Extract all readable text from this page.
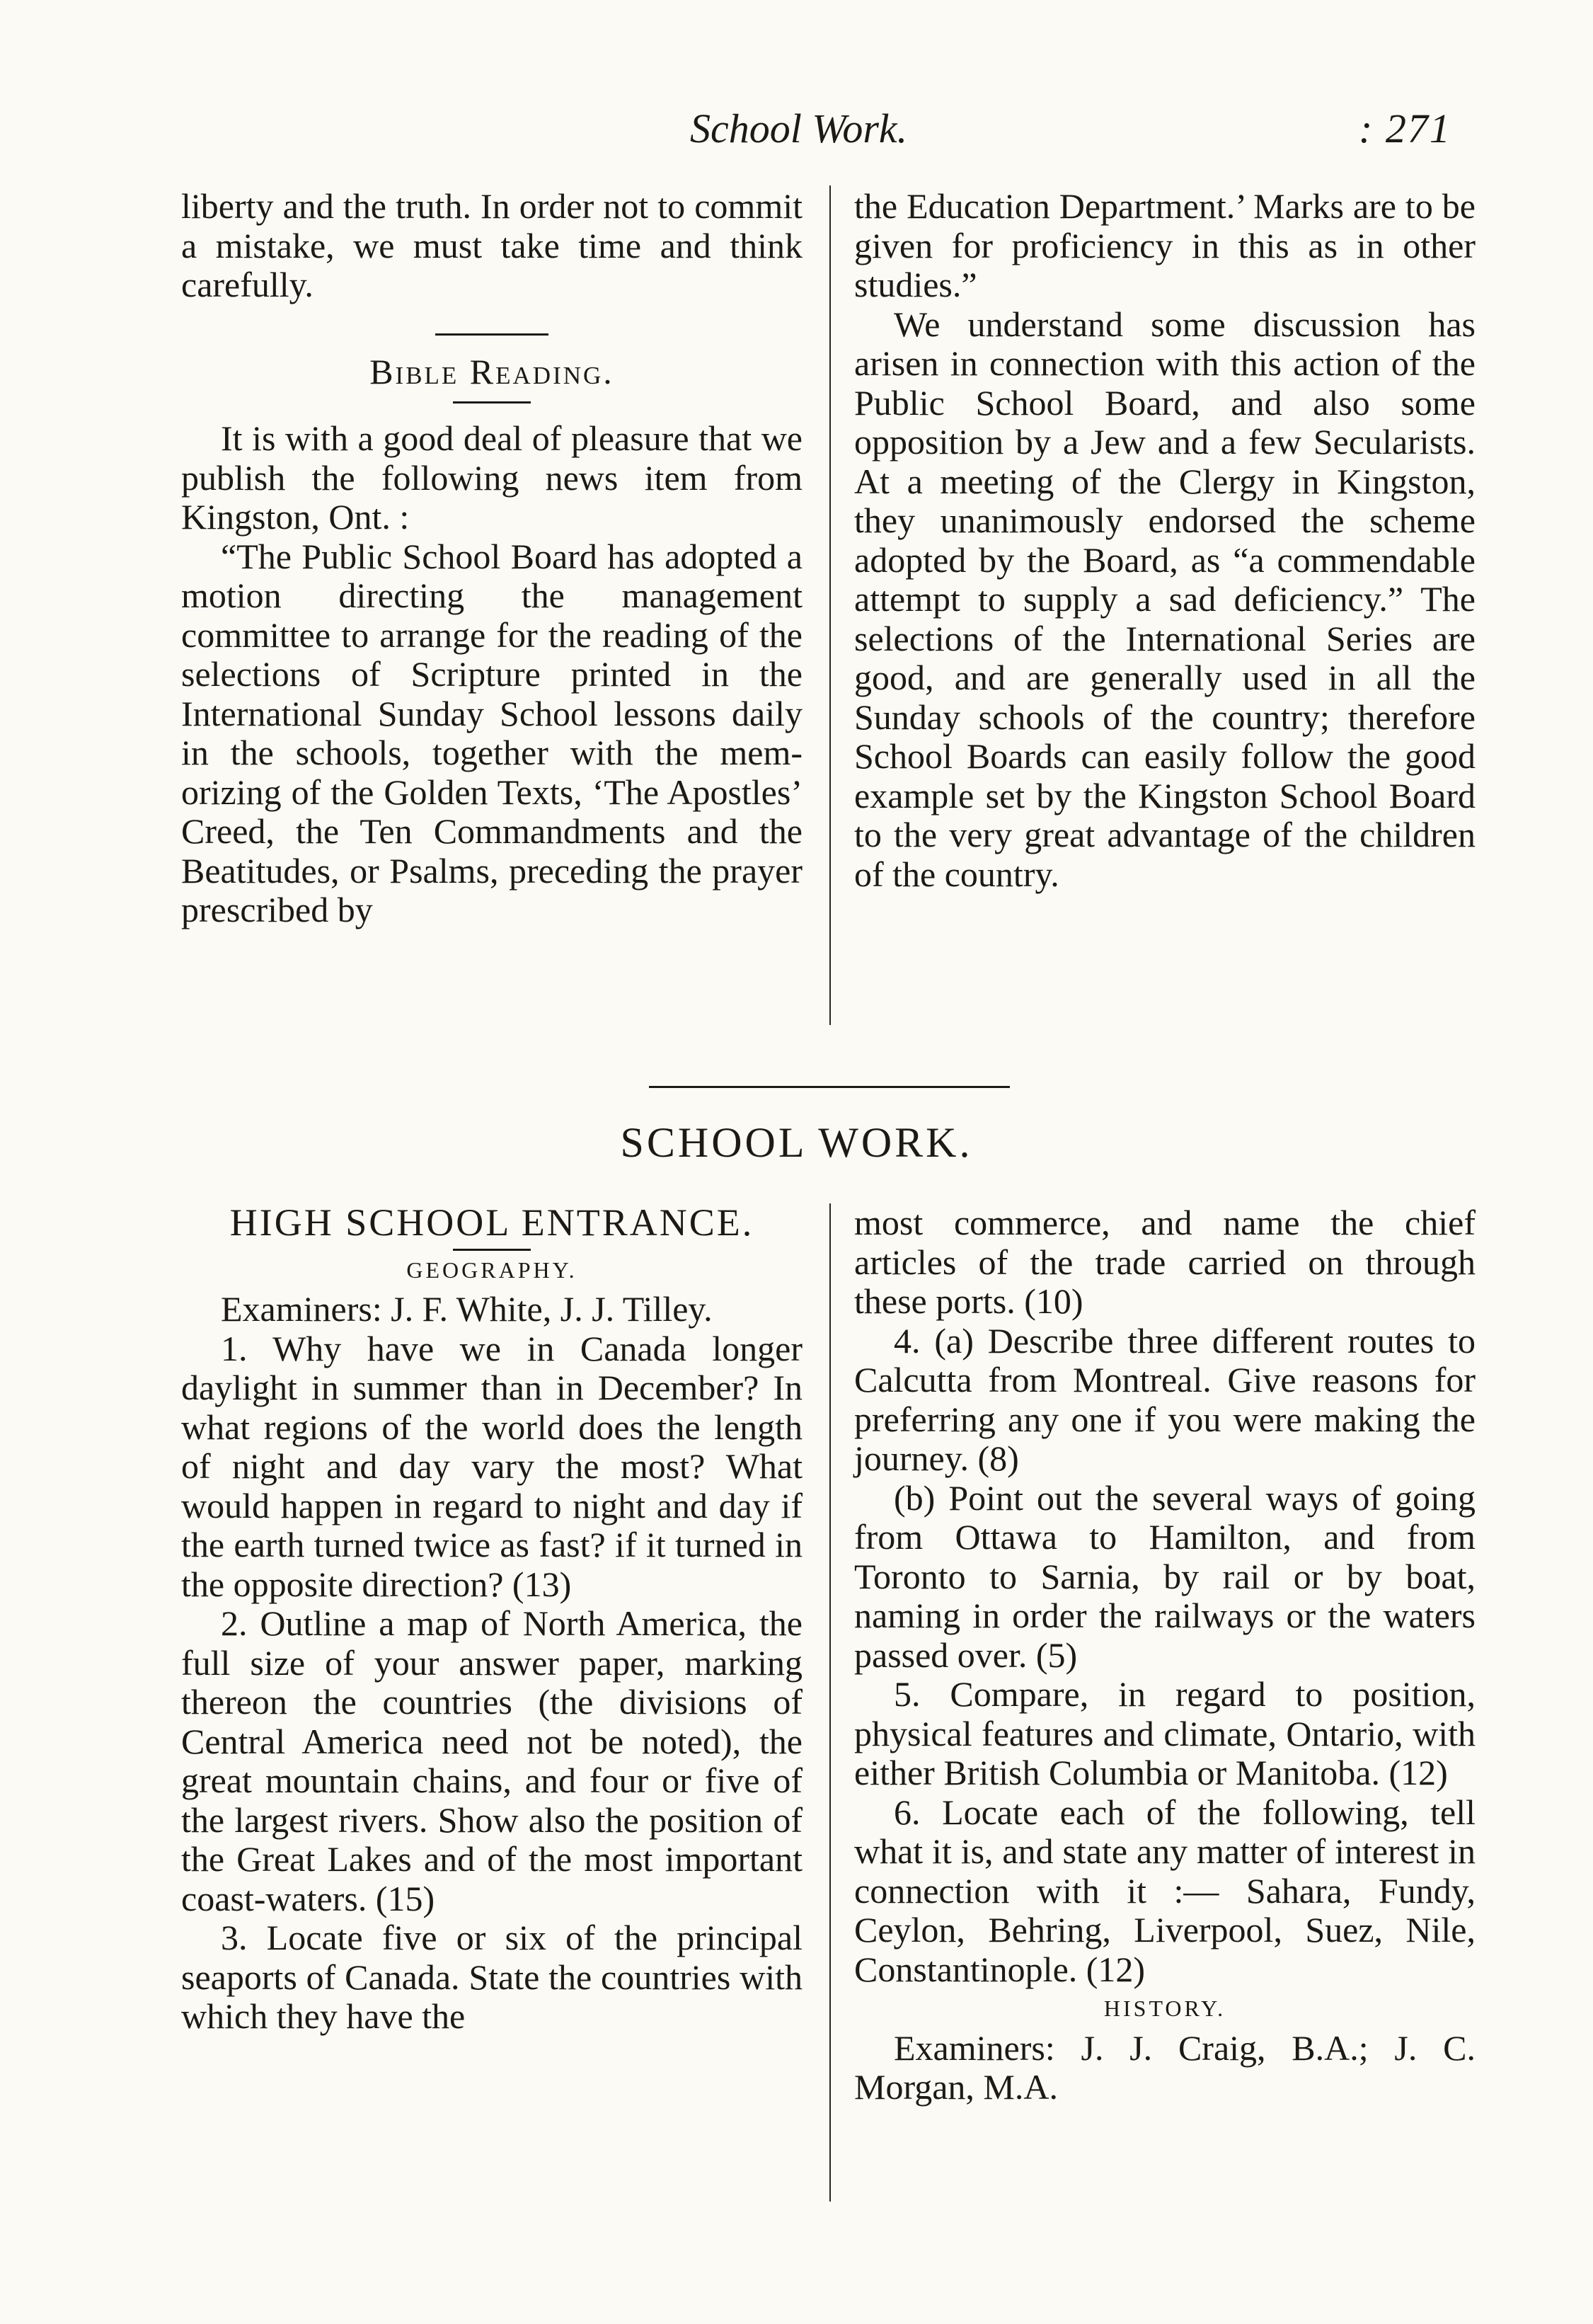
School Work.	: 271

liberty and the truth. In order not to commit a mistake, we must take time and think carefully.

Bible Reading.

It is with a good deal of pleasure that we publish the following news item from Kingston, Ont. :

“The Public School Board has adopted a motion directing the management committee to arrange for the reading of the selections of Scripture printed in the International Sunday School lessons daily in the schools, together with the memorizing of the Golden Texts, ‘The Apostles’ Creed, the Ten Commandments and the Beatitudes, or Psalms, preceding the prayer prescribed by

the Education Department.’ Marks are to be given for proficiency in this as in other studies.”

We understand some discussion has arisen in connection with this action of the Public School Board, and also some opposition by a Jew and a few Secularists. At a meeting of the Clergy in Kingston, they unanimously endorsed the scheme adopted by the Board, as “a commendable attempt to supply a sad deficiency.” The selections of the International Series are good, and are generally used in all the Sunday schools of the country; therefore School Boards can easily follow the good example set by the Kingston School Board to the very great advantage of the children of the country.

SCHOOL WORK.

HIGH SCHOOL ENTRANCE.

GEOGRAPHY.

Examiners: J. F. White, J. J. Tilley.

1. Why have we in Canada longer daylight in summer than in December? In what regions of the world does the length of night and day vary the most? What would happen in regard to night and day if the earth turned twice as fast? if it turned in the opposite direction? (13)

2. Outline a map of North America, the full size of your answer paper, marking thereon the countries (the divisions of Central America need not be noted), the great mountain chains, and four or five of the largest rivers. Show also the position of the Great Lakes and of the most important coast-waters. (15)

3. Locate five or six of the principal seaports of Canada. State the countries with which they have the

most commerce, and name the chief articles of the trade carried on through these ports. (10)

4. (a) Describe three different routes to Calcutta from Montreal. Give reasons for preferring any one if you were making the journey. (8)

(b) Point out the several ways of going from Ottawa to Hamilton, and from Toronto to Sarnia, by rail or by boat, naming in order the railways or the waters passed over. (5)

5. Compare, in regard to position, physical features and climate, Ontario, with either British Columbia or Manitoba. (12)

6. Locate each of the following, tell what it is, and state any matter of interest in connection with it :— Sahara, Fundy, Ceylon, Behring, Liverpool, Suez, Nile, Constantinople. (12)

HISTORY.

Examiners: J. J. Craig, B.A.; J. C. Morgan, M.A.
